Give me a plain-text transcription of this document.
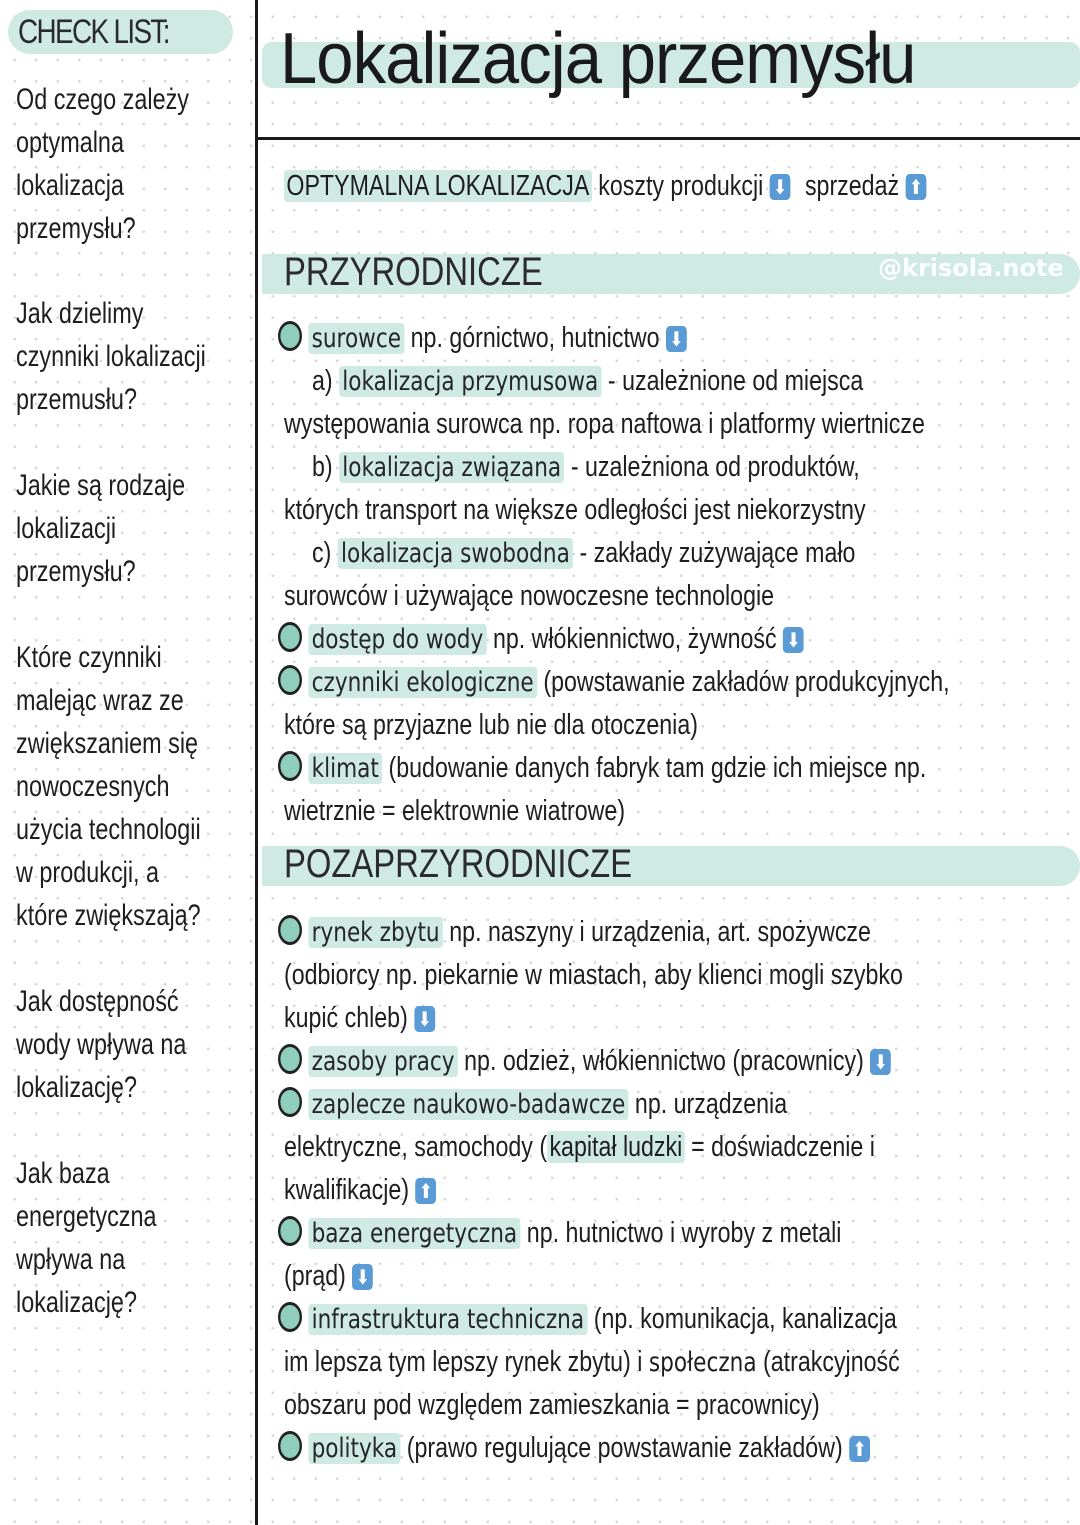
CHECK LIST:
Od czego zależy
optymalna
lokalizacja
przemysłu?
Jak dzielimy
czynniki lokalizacji
przemusłu?
Jakie są rodzaje
lokalizacji
przemysłu?
Które czynniki
malejąc wraz ze
zwiększaniem się
nowoczesnych
użycia technologii
w produkcji, a
które zwiększają?
Jak dostępność
wody wpływa na
lokalizację?
Jak baza
energetyczna
wpływa na
lokalizację?
Lokalizacja przemysłu
OPTYMALNA LOKALIZACJA koszty produkcji ⬇ sprzedaż ⬆
PRZYRODNICZE	@krisola.note
surowce np. górnictwo, hutnictwo ⬇
a) lokalizacja przymusowa - uzależnione od miejsca
występowania surowca np. ropa naftowa i platformy wiertnicze
b) lokalizacja związana - uzależniona od produktów,
których transport na większe odległości jest niekorzystny
c) lokalizacja swobodna - zakłady zużywające mało
surowców i używające nowoczesne technologie
dostęp do wody np. włókiennictwo, żywność ⬇
czynniki ekologiczne (powstawanie zakładów produkcyjnych,
które są przyjazne lub nie dla otoczenia)
klimat (budowanie danych fabryk tam gdzie ich miejsce np.
wietrznie = elektrownie wiatrowe)
POZAPRZYRODNICZE
rynek zbytu np. naszyny i urządzenia, art. spożywcze
(odbiorcy np. piekarnie w miastach, aby klienci mogli szybko
kupić chleb) ⬇
zasoby pracy np. odzież, włókiennictwo (pracownicy) ⬇
zaplecze naukowo-badawcze np. urządzenia
elektryczne, samochody (kapitał ludzki = doświadczenie i
kwalifikacje) ⬆
baza energetyczna np. hutnictwo i wyroby z metali
(prąd) ⬇
infrastruktura techniczna (np. komunikacja, kanalizacja
im lepsza tym lepszy rynek zbytu) i społeczna (atrakcyjność
obszaru pod względem zamieszkania = pracownicy)
polityka (prawo regulujące powstawanie zakładów) ⬆
